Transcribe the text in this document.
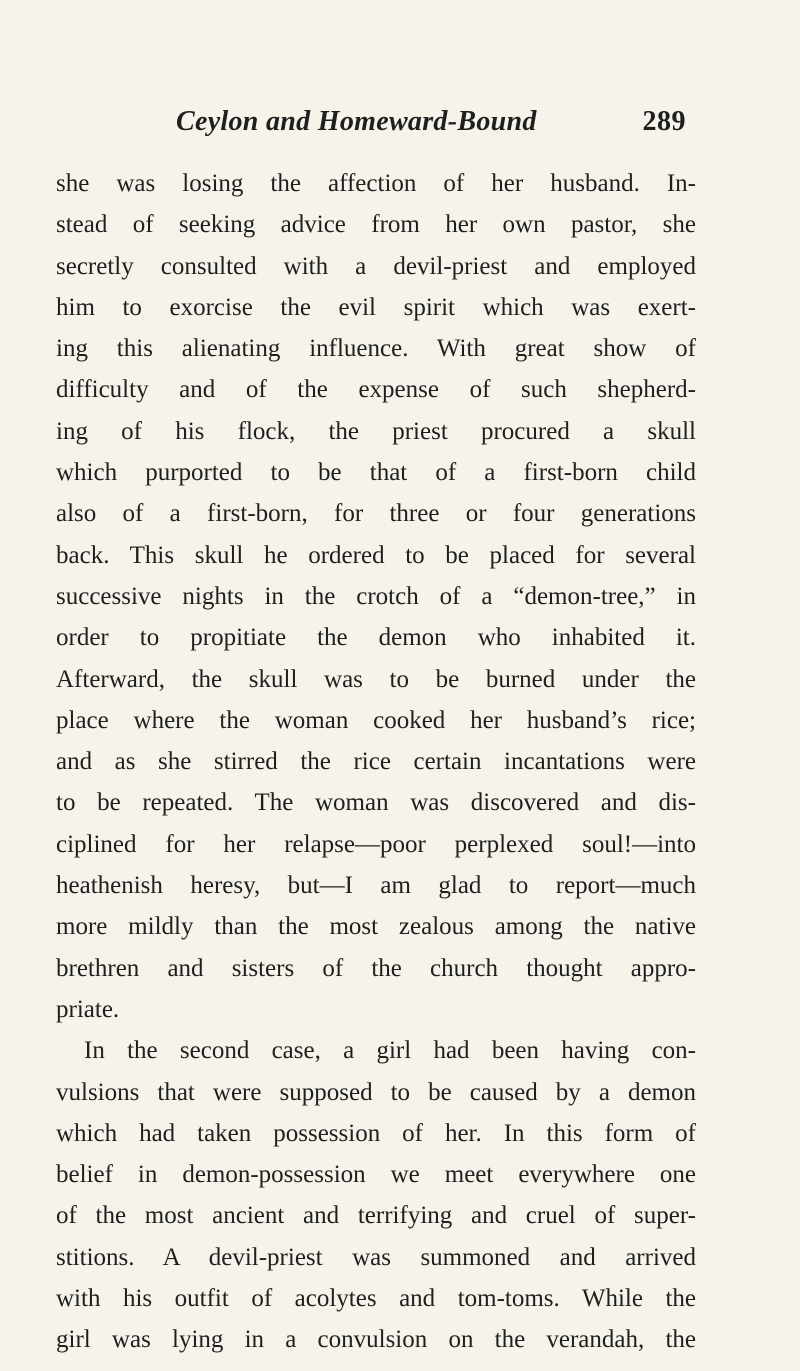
Ceylon and Homeward-Bound	289
she was losing the affection of her husband. In-
stead of seeking advice from her own pastor, she
secretly consulted with a devil-priest and employed
him to exorcise the evil spirit which was exert-
ing this alienating influence. With great show of
difficulty and of the expense of such shepherd-
ing of his flock, the priest procured a skull
which purported to be that of a first-born child
also of a first-born, for three or four generations
back. This skull he ordered to be placed for several
successive nights in the crotch of a “demon-tree,” in
order to propitiate the demon who inhabited it.
Afterward, the skull was to be burned under the
place where the woman cooked her husband’s rice;
and as she stirred the rice certain incantations were
to be repeated. The woman was discovered and dis-
ciplined for her relapse—poor perplexed soul!—into
heathenish heresy, but—I am glad to report—much
more mildly than the most zealous among the native
brethren and sisters of the church thought appro-
priate.
In the second case, a girl had been having con-
vulsions that were supposed to be caused by a demon
which had taken possession of her. In this form of
belief in demon-possession we meet everywhere one
of the most ancient and terrifying and cruel of super-
stitions. A devil-priest was summoned and arrived
with his outfit of acolytes and tom-toms. While the
girl was lying in a convulsion on the verandah, the
